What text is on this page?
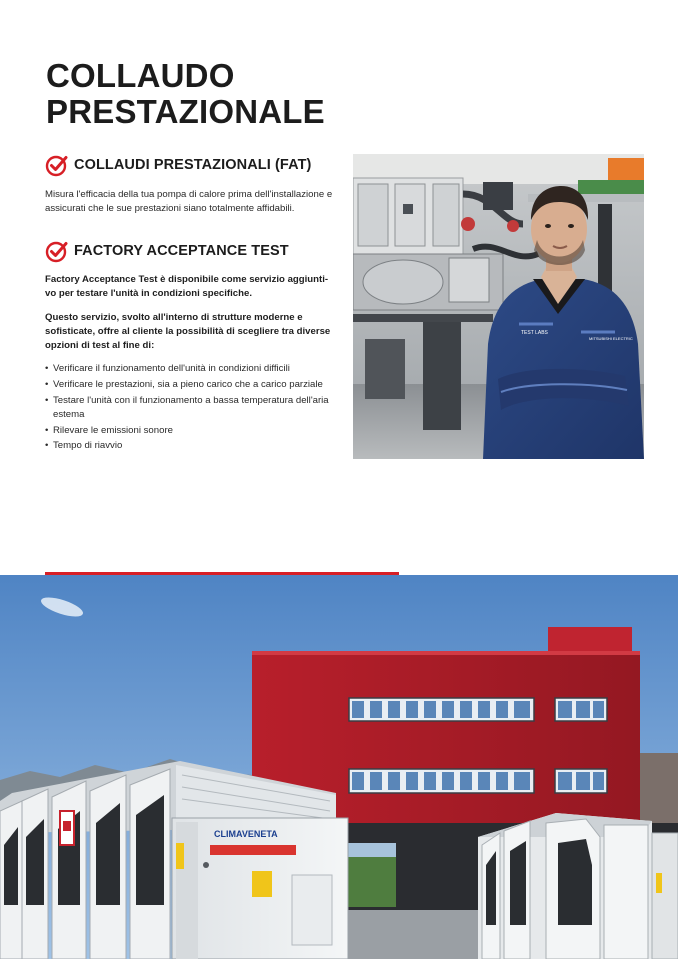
COLLAUDO
PRESTAZIONALE
COLLAUDI PRESTAZIONALI (FAT)

Misura l'efficacia della tua pompa di calore prima dell'installazione e
assicurati che le sue prestazioni siano totalmente affidabili.

FACTORY ACCEPTANCE TEST

Factory Acceptance Test è disponibile come servizio aggiunti-
vo per testare l'unità in condizioni specifiche.

Questo servizio, svolto all'interno di strutture moderne e
sofisticate, offre al cliente la possibilità di scegliere tra diverse
opzioni di test al fine di:

• Verificare il funzionamento dell'unità in condizioni difficili
• Verificare le prestazioni, sia a pieno carico che a carico parziale
• Testare l'unità con il funzionamento a bassa temperatura dell'aria
estema
• Rilevare le emissioni sonore
• Tempo di riavvio
TEST LABS
MITSUBISHI ELECTRIC
CLIMAVENETA
